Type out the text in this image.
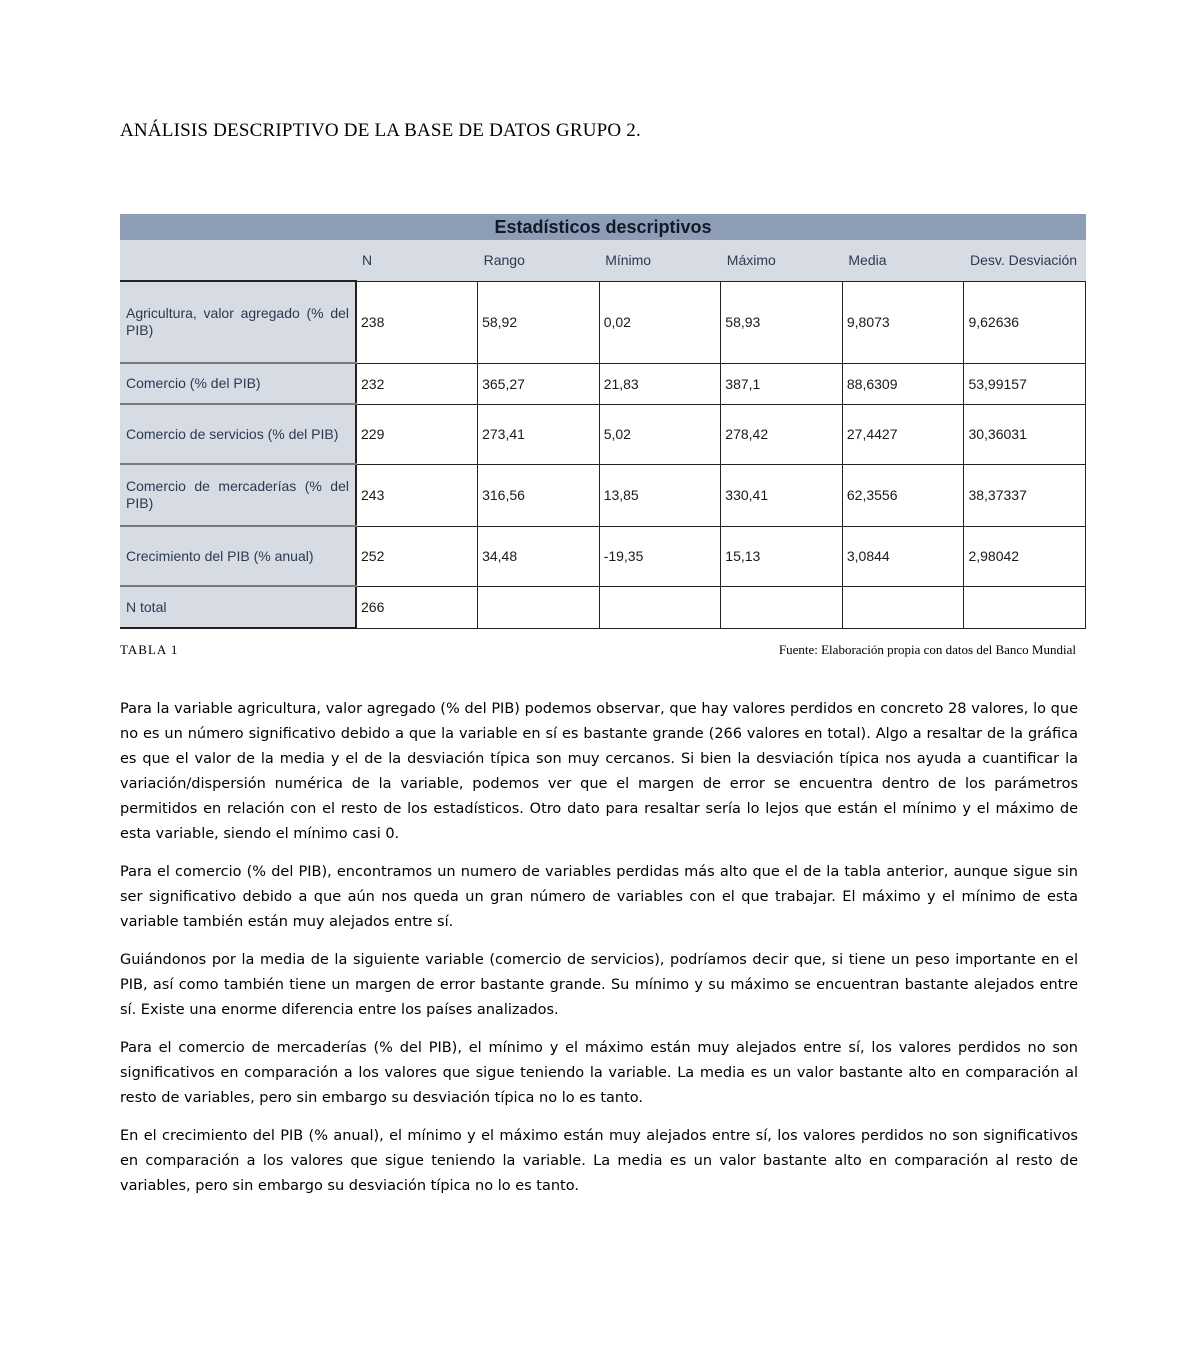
ANÁLISIS DESCRIPTIVO DE LA BASE DE DATOS GRUPO 2.
Estadísticos descriptivos
	N	Rango	Mínimo	Máximo	Media	Desv. Desviación
Agricultura, valor agregado (% del PIB)	238	58,92	0,02	58,93	9,8073	9,62636
Comercio (% del PIB)	232	365,27	21,83	387,1	88,6309	53,99157
Comercio de servicios (% del PIB)	229	273,41	5,02	278,42	27,4427	30,36031
Comercio de mercaderías (% del PIB)	243	316,56	13,85	330,41	62,3556	38,37337
Crecimiento del PIB (% anual)	252	34,48	-19,35	15,13	3,0844	2,98042
N total	266					
TABLA 1	Fuente: Elaboración propia con datos del Banco Mundial

Para la variable agricultura, valor agregado (% del PIB) podemos observar, que hay valores perdidos en concreto 28 valores, lo que no es un número significativo debido a que la variable en sí es bastante grande (266 valores en total). Algo a resaltar de la gráfica es que el valor de la media y el de la desviación típica son muy cercanos. Si bien la desviación típica nos ayuda a cuantificar la variación/dispersión numérica de la variable, podemos ver que el margen de error se encuentra dentro de los parámetros permitidos en relación con el resto de los estadísticos. Otro dato para resaltar sería lo lejos que están el mínimo y el máximo de esta variable, siendo el mínimo casi 0.

Para el comercio (% del PIB), encontramos un numero de variables perdidas más alto que el de la tabla anterior, aunque sigue sin ser significativo debido a que aún nos queda un gran número de variables con el que trabajar. El máximo y el mínimo de esta variable también están muy alejados entre sí.

Guiándonos por la media de la siguiente variable (comercio de servicios), podríamos decir que, si tiene un peso importante en el PIB, así como también tiene un margen de error bastante grande. Su mínimo y su máximo se encuentran bastante alejados entre sí. Existe una enorme diferencia entre los países analizados.

Para el comercio de mercaderías (% del PIB), el mínimo y el máximo están muy alejados entre sí, los valores perdidos no son significativos en comparación a los valores que sigue teniendo la variable. La media es un valor bastante alto en comparación al resto de variables, pero sin embargo su desviación típica no lo es tanto.

En el crecimiento del PIB (% anual), el mínimo y el máximo están muy alejados entre sí, los valores perdidos no son significativos en comparación a los valores que sigue teniendo la variable. La media es un valor bastante alto en comparación al resto de variables, pero sin embargo su desviación típica no lo es tanto.
